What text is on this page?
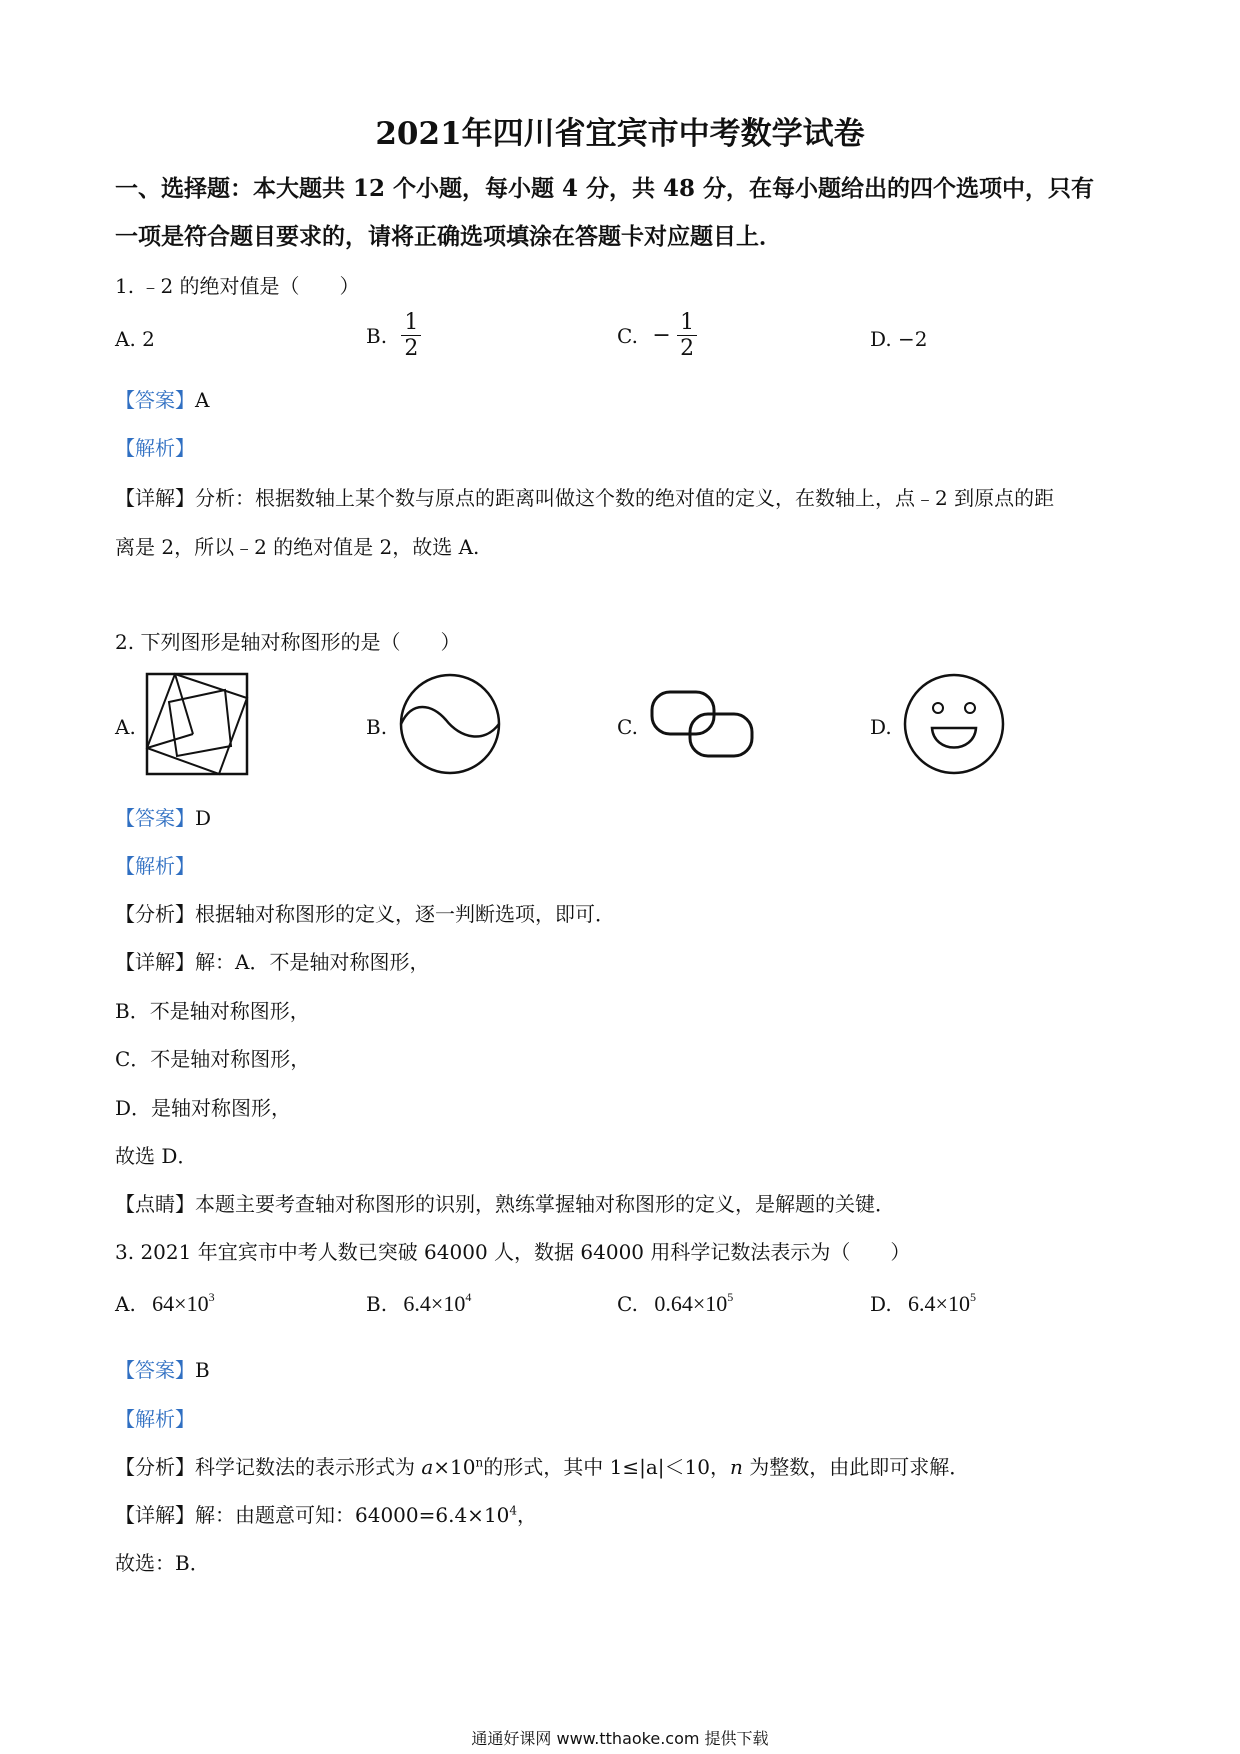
2021年四川省宜宾市中考数学试卷
一、选择题：本大题共 12 个小题，每小题 4 分，共 48 分，在每小题给出的四个选项中，只有
一项是符合题目要求的，请将正确选项填涂在答题卡对应题目上．
1. ﹣2 的绝对值是（　　）
A. 2	B. $\frac{1}{2}$	C. − $\frac{1}{2}$	D. −2
【答案】A
【解析】
【详解】分析：根据数轴上某个数与原点的距离叫做这个数的绝对值的定义，在数轴上，点﹣2 到原点的距
离是 2，所以﹣2 的绝对值是 2，故选 A.
2. 下列图形是轴对称图形的是（　　）
A.	B.	C.	D.
【答案】D
【解析】
【分析】根据轴对称图形的定义，逐一判断选项，即可．
【详解】解：A．不是轴对称图形，
B．不是轴对称图形，
C．不是轴对称图形，
D．是轴对称图形，
故选 D．
【点睛】本题主要考查轴对称图形的识别，熟练掌握轴对称图形的定义，是解题的关键．
3. 2021 年宜宾市中考人数已突破 64000 人，数据 64000 用科学记数法表示为（　　）
A. $64\times 10^3$	B. $6.4\times 10^4$	C. $0.64\times 10^5$	D. $6.4\times 10^5$
【答案】B
【解析】
【分析】科学记数法的表示形式为 $a\times 10^n$的形式，其中 1≤|a|＜10，n 为整数，由此即可求解．
【详解】解：由题意可知：$64000=6.4\times 10^4$，
故选：B．
通通好课网 www.tthaoke.com 提供下载
